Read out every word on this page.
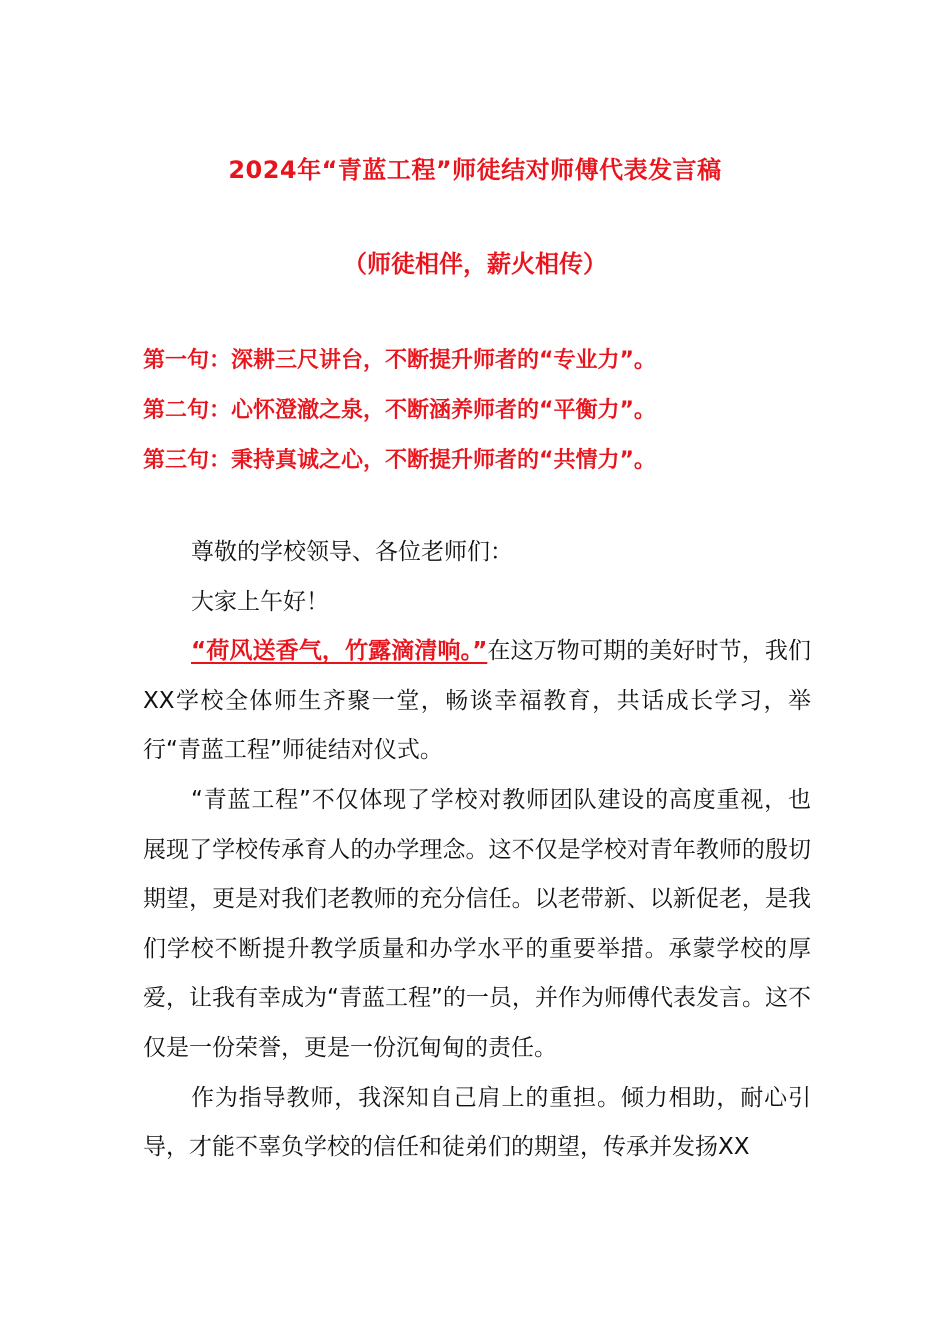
2024年“青蓝工程”师徒结对师傅代表发言稿
（师徒相伴，薪火相传）
第一句：深耕三尺讲台，不断提升师者的“专业力”。
第二句：心怀澄澈之泉，不断涵养师者的“平衡力”。
第三句：秉持真诚之心，不断提升师者的“共情力”。

尊敬的学校领导、各位老师们：

大家上午好！

“荷风送香气，竹露滴清响。”在这万物可期的美好时节，我们XX学校全体师生齐聚一堂，畅谈幸福教育，共话成长学习，举行“青蓝工程”师徒结对仪式。

“青蓝工程”不仅体现了学校对教师团队建设的高度重视，也展现了学校传承育人的办学理念。这不仅是学校对青年教师的殷切期望，更是对我们老教师的充分信任。以老带新、以新促老，是我们学校不断提升教学质量和办学水平的重要举措。承蒙学校的厚爱，让我有幸成为“青蓝工程”的一员，并作为师傅代表发言。这不仅是一份荣誉，更是一份沉甸甸的责任。

作为指导教师，我深知自己肩上的重担。倾力相助，耐心引导，才能不辜负学校的信任和徒弟们的期望，传承并发扬XX
